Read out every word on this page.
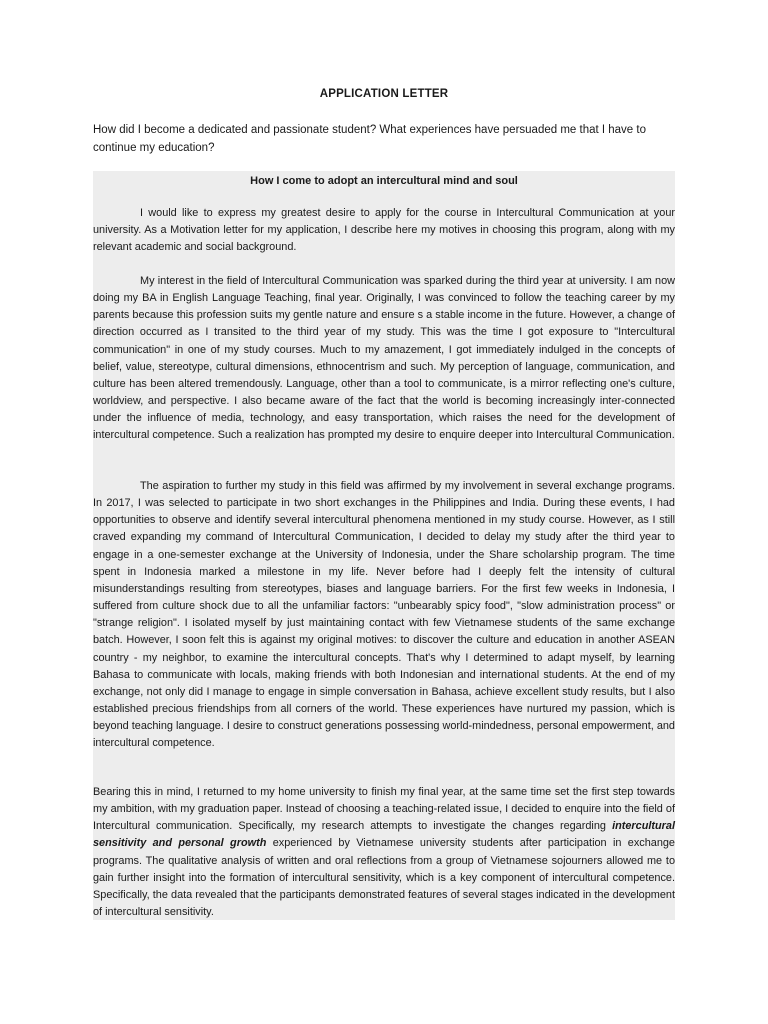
APPLICATION LETTER

How did I become a dedicated and passionate student? What experiences have persuaded me that I have to continue my education?

How I come to adopt an intercultural mind and soul

I would like to express my greatest desire to apply for the course in Intercultural Communication at your university. As a Motivation letter for my application, I describe here my motives in choosing this program, along with my relevant academic and social background.

My interest in the field of Intercultural Communication was sparked during the third year at university. I am now doing my BA in English Language Teaching, final year. Originally, I was convinced to follow the teaching career by my parents because this profession suits my gentle nature and ensure s a stable income in the future. However, a change of direction occurred as I transited to the third year of my study. This was the time I got exposure to "Intercultural communication" in one of my study courses. Much to my amazement, I got immediately indulged in the concepts of belief, value, stereotype, cultural dimensions, ethnocentrism and such. My perception of language, communication, and culture has been altered tremendously. Language, other than a tool to communicate, is a mirror reflecting one's culture, worldview, and perspective. I also became aware of the fact that the world is becoming increasingly inter-connected under the influence of media, technology, and easy transportation, which raises the need for the development of intercultural competence. Such a realization has prompted my desire to enquire deeper into Intercultural Communication.

The aspiration to further my study in this field was affirmed by my involvement in several exchange programs. In 2017, I was selected to participate in two short exchanges in the Philippines and India. During these events, I had opportunities to observe and identify several intercultural phenomena mentioned in my study course. However, as I still craved expanding my command of Intercultural Communication, I decided to delay my study after the third year to engage in a one-semester exchange at the University of Indonesia, under the Share scholarship program. The time spent in Indonesia marked a milestone in my life. Never before had I deeply felt the intensity of cultural misunderstandings resulting from stereotypes, biases and language barriers. For the first few weeks in Indonesia, I suffered from culture shock due to all the unfamiliar factors: "unbearably spicy food", "slow administration process" or "strange religion". I isolated myself by just maintaining contact with few Vietnamese students of the same exchange batch. However, I soon felt this is against my original motives: to discover the culture and education in another ASEAN country - my neighbor, to examine the intercultural concepts. That's why I determined to adapt myself, by learning Bahasa to communicate with locals, making friends with both Indonesian and international students. At the end of my exchange, not only did I manage to engage in simple conversation in Bahasa, achieve excellent study results, but I also established precious friendships from all corners of the world. These experiences have nurtured my passion, which is beyond teaching language. I desire to construct generations possessing world-mindedness, personal empowerment, and intercultural competence.

Bearing this in mind, I returned to my home university to finish my final year, at the same time set the first step towards my ambition, with my graduation paper. Instead of choosing a teaching-related issue, I decided to enquire into the field of Intercultural communication. Specifically, my research attempts to investigate the changes regarding intercultural sensitivity and personal growth experienced by Vietnamese university students after participation in exchange programs. The qualitative analysis of written and oral reflections from a group of Vietnamese sojourners allowed me to gain further insight into the formation of intercultural sensitivity, which is a key component of intercultural competence. Specifically, the data revealed that the participants demonstrated features of several stages indicated in the development of intercultural sensitivity.
